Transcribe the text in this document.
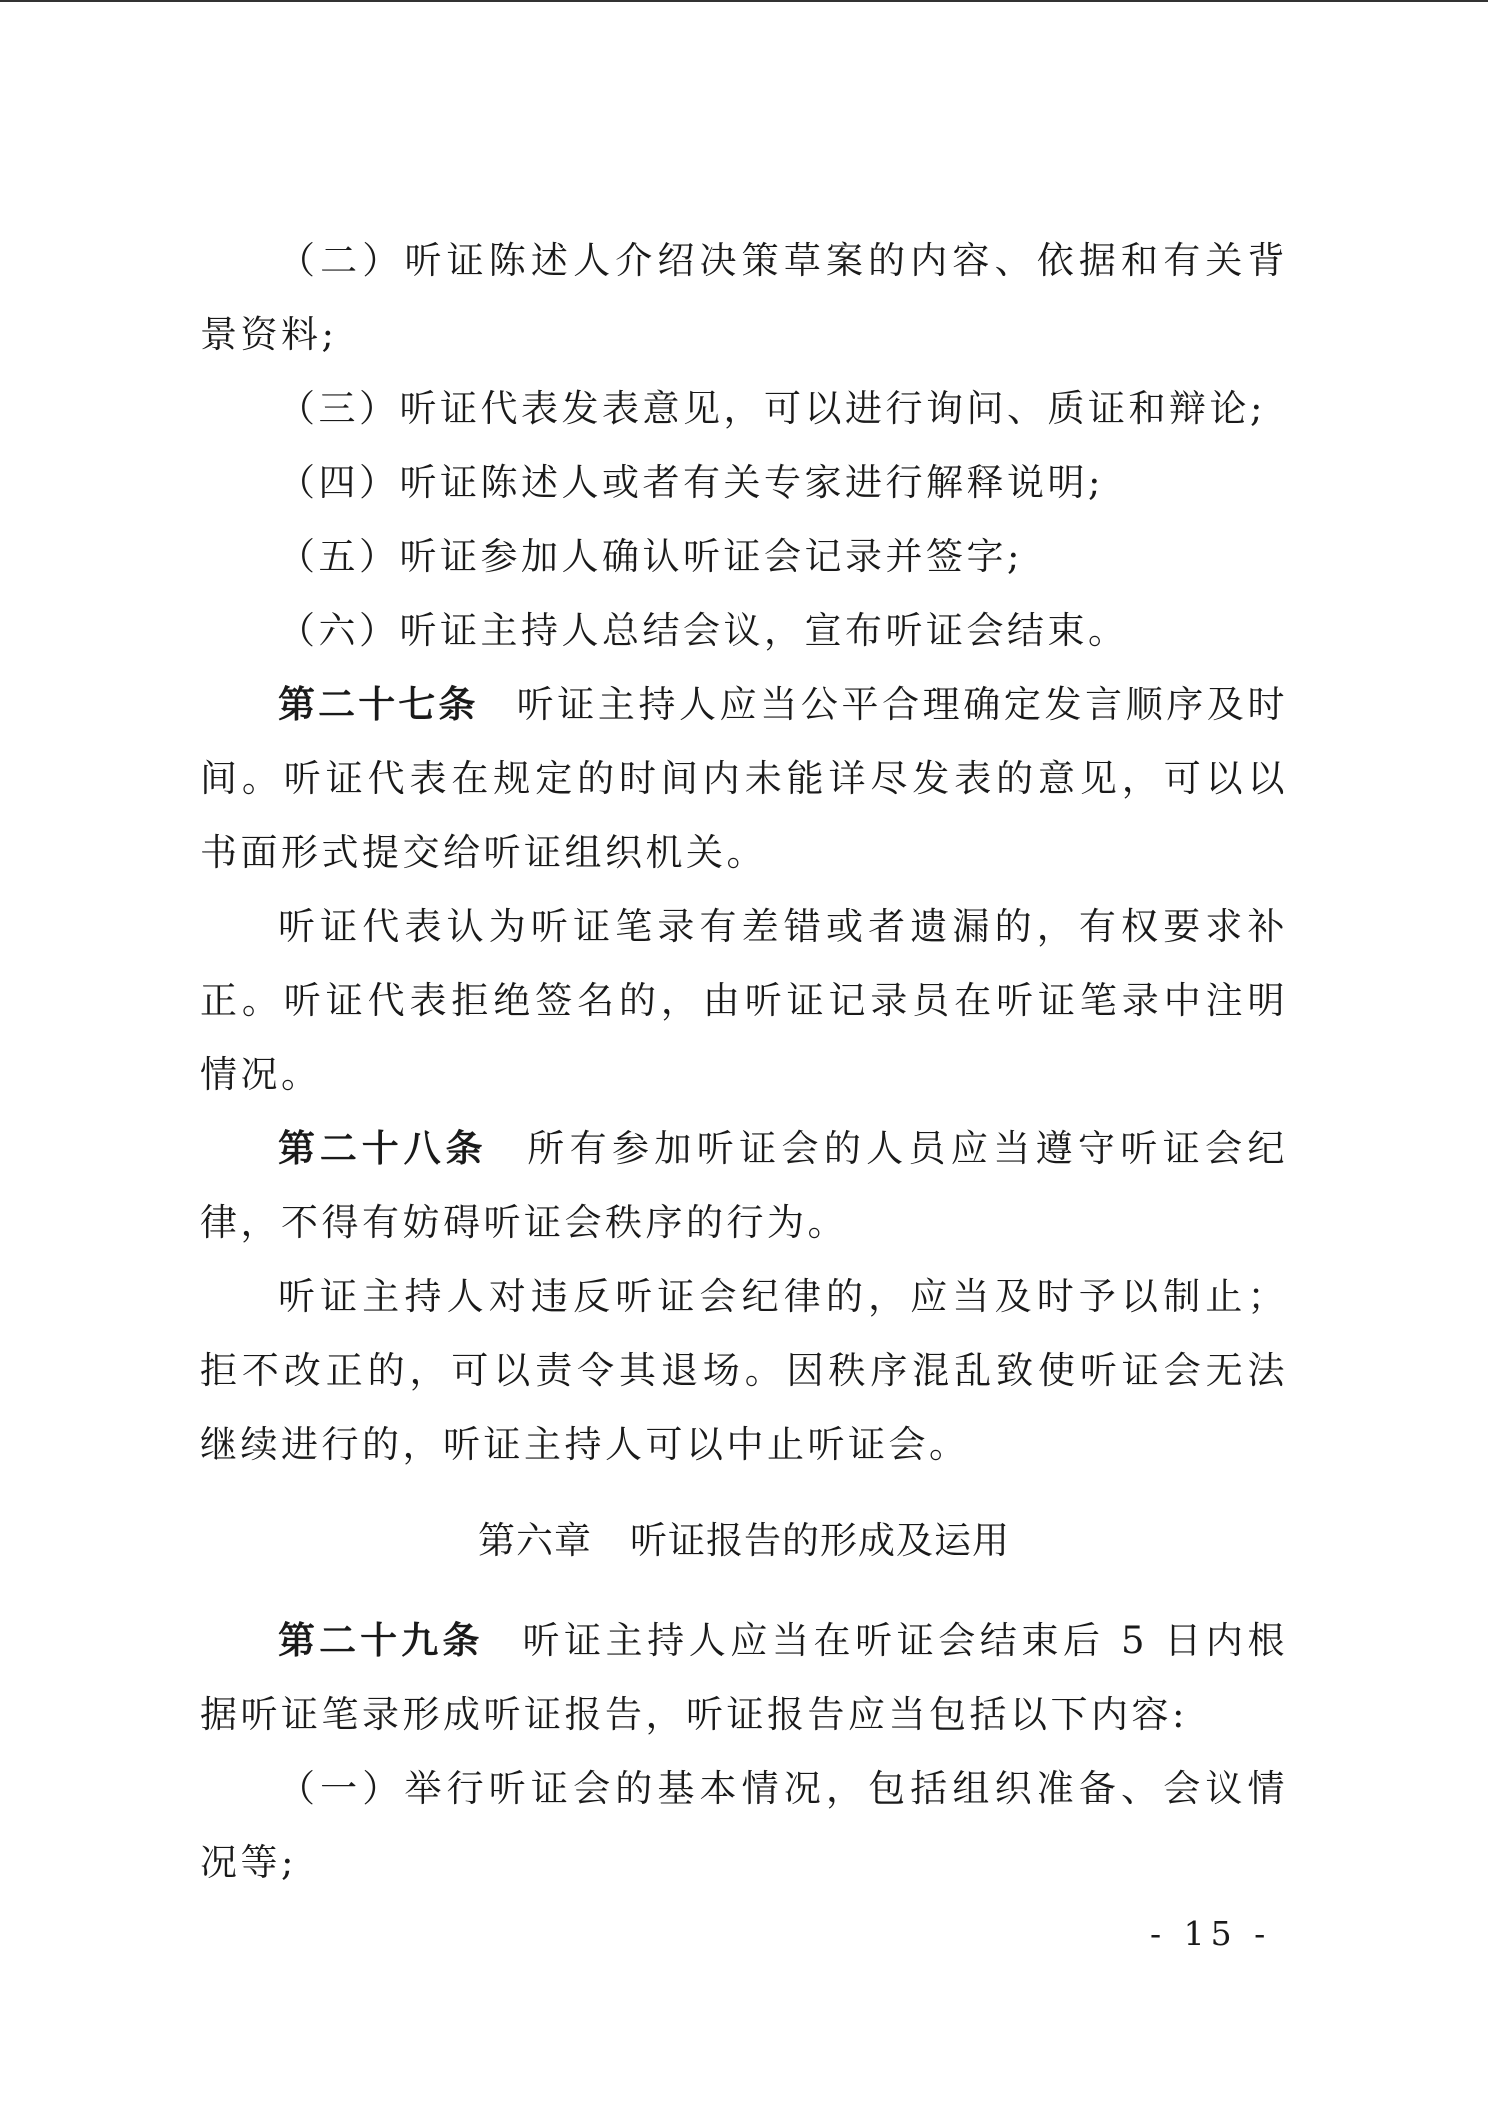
（二）听证陈述人介绍决策草案的内容、依据和有关背景资料;

（三）听证代表发表意见，可以进行询问、质证和辩论;

（四）听证陈述人或者有关专家进行解释说明;

（五）听证参加人确认听证会记录并签字;

（六）听证主持人总结会议，宣布听证会结束。

第二十七条 听证主持人应当公平合理确定发言顺序及时间。听证代表在规定的时间内未能详尽发表的意见，可以以书面形式提交给听证组织机关。

听证代表认为听证笔录有差错或者遗漏的，有权要求补正。听证代表拒绝签名的，由听证记录员在听证笔录中注明情况。

第二十八条 所有参加听证会的人员应当遵守听证会纪律，不得有妨碍听证会秩序的行为。

听证主持人对违反听证会纪律的，应当及时予以制止；拒不改正的，可以责令其退场。因秩序混乱致使听证会无法继续进行的，听证主持人可以中止听证会。

第六章 听证报告的形成及运用

第二十九条 听证主持人应当在听证会结束后 5 日内根据听证笔录形成听证报告，听证报告应当包括以下内容:

（一）举行听证会的基本情况，包括组织准备、会议情况等;

- 15 -
